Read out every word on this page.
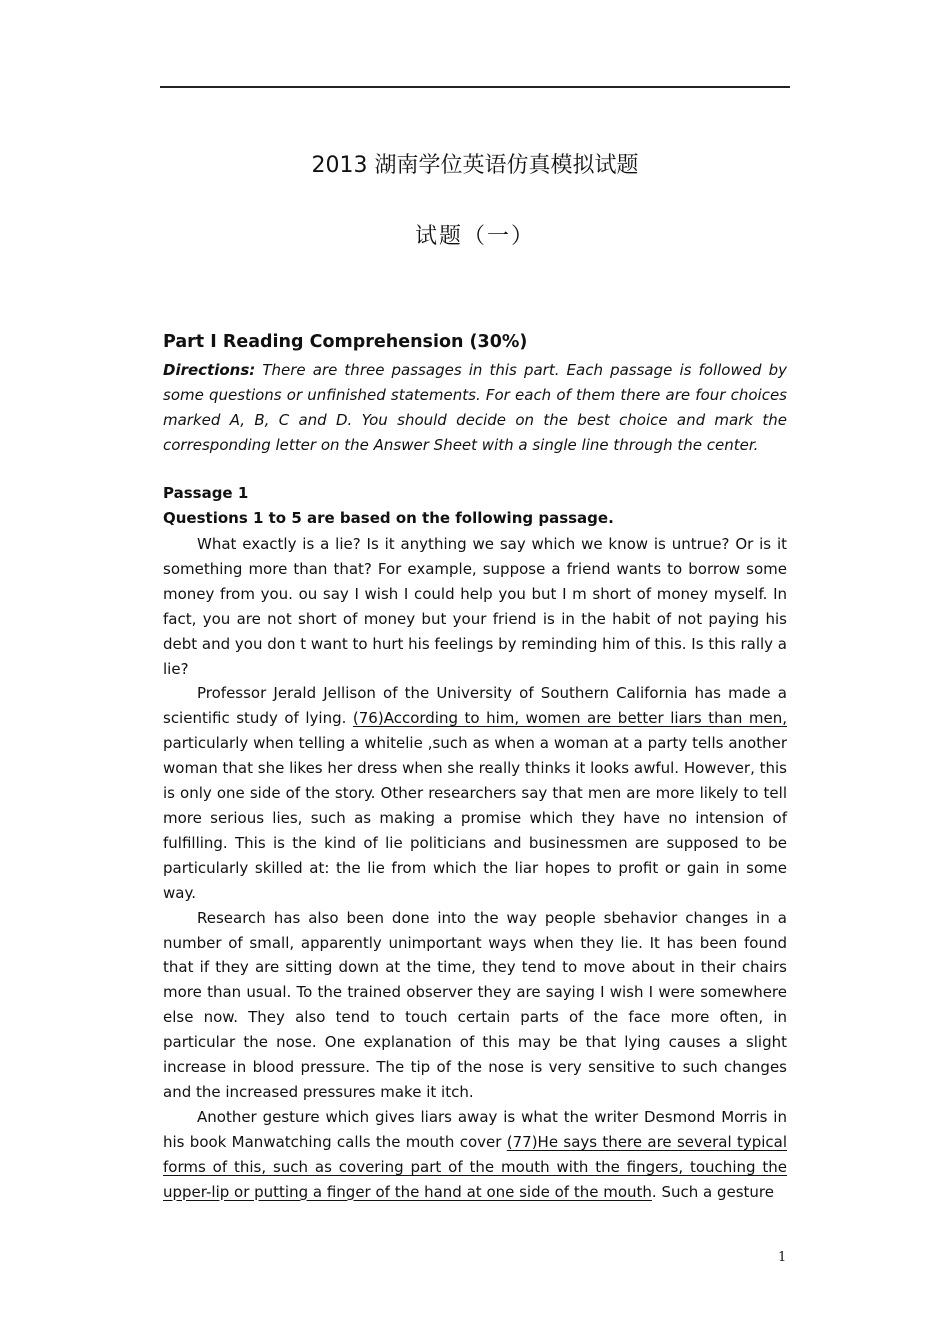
2013 湖南学位英语仿真模拟试题
试题（一）
Part I Reading Comprehension (30%)
Directions: There are three passages in this part. Each passage is followed by some questions or unfinished statements. For each of them there are four choices marked A, B, C and D. You should decide on the best choice and mark the corresponding letter on the Answer Sheet with a single line through the center.
Passage 1
Questions 1 to 5 are based on the following passage.

What exactly is a lie? Is it anything we say which we know is untrue? Or is it something more than that? For example, suppose a friend wants to borrow some money from you. ou say I wish I could help you but I m short of money myself. In fact, you are not short of money but your friend is in the habit of not paying his debt and you don t want to hurt his feelings by reminding him of this. Is this rally a lie?

Professor Jerald Jellison of the University of Southern California has made a scientific study of lying. (76)According to him, women are better liars than men, particularly when telling a whitelie ,such as when a woman at a party tells another woman that she likes her dress when she really thinks it looks awful. However, this is only one side of the story. Other researchers say that men are more likely to tell more serious lies, such as making a promise which they have no intension of fulfilling. This is the kind of lie politicians and businessmen are supposed to be particularly skilled at: the lie from which the liar hopes to profit or gain in some way.

Research has also been done into the way people sbehavior changes in a number of small, apparently unimportant ways when they lie. It has been found that if they are sitting down at the time, they tend to move about in their chairs more than usual. To the trained observer they are saying I wish I were somewhere else now. They also tend to touch certain parts of the face more often, in particular the nose. One explanation of this may be that lying causes a slight increase in blood pressure. The tip of the nose is very sensitive to such changes and the increased pressures make it itch.

Another gesture which gives liars away is what the writer Desmond Morris in his book Manwatching calls the mouth cover (77)He says there are several typical forms of this, such as covering part of the mouth with the fingers, touching the upper-lip or putting a finger of the hand at one side of the mouth. Such a gesture

1
